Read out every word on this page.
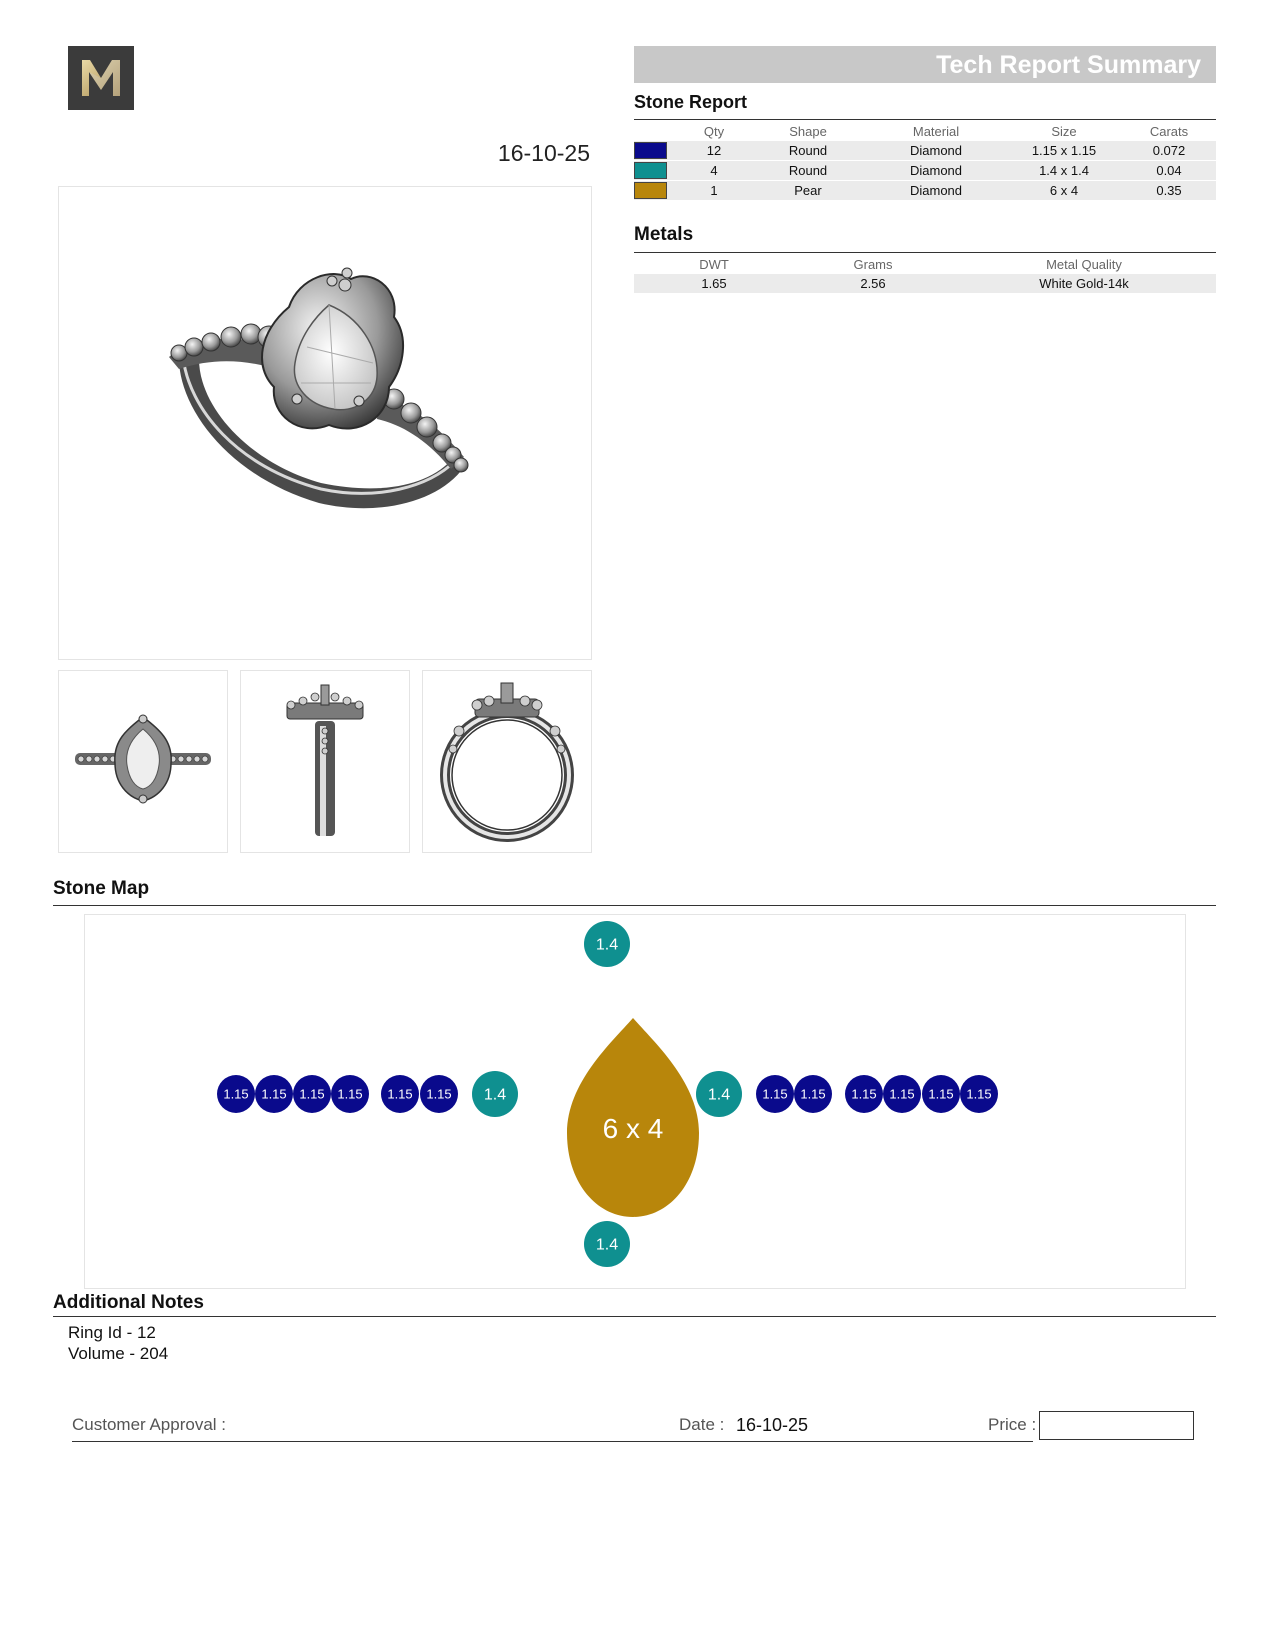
Tech Report Summary
16-10-25
Stone Report
	Qty	Shape	Material	Size	Carats
	12	Round	Diamond	1.15 x 1.15	0.072
	4	Round	Diamond	1.4 x 1.4	0.04
	1	Pear	Diamond	6 x 4	0.35
Metals
DWT	Grams	Metal Quality
1.65	2.56	White Gold-14k
Stone Map
6 x 4
1.15 1.15 1.15 1.15 1.15 1.15	1.15 1.15 1.15 1.15 1.15 1.15
1.4	1.4
1.4
1.4
Additional Notes
Ring Id - 12
Volume - 204
Customer Approval :	Date : 16-10-25	Price :
